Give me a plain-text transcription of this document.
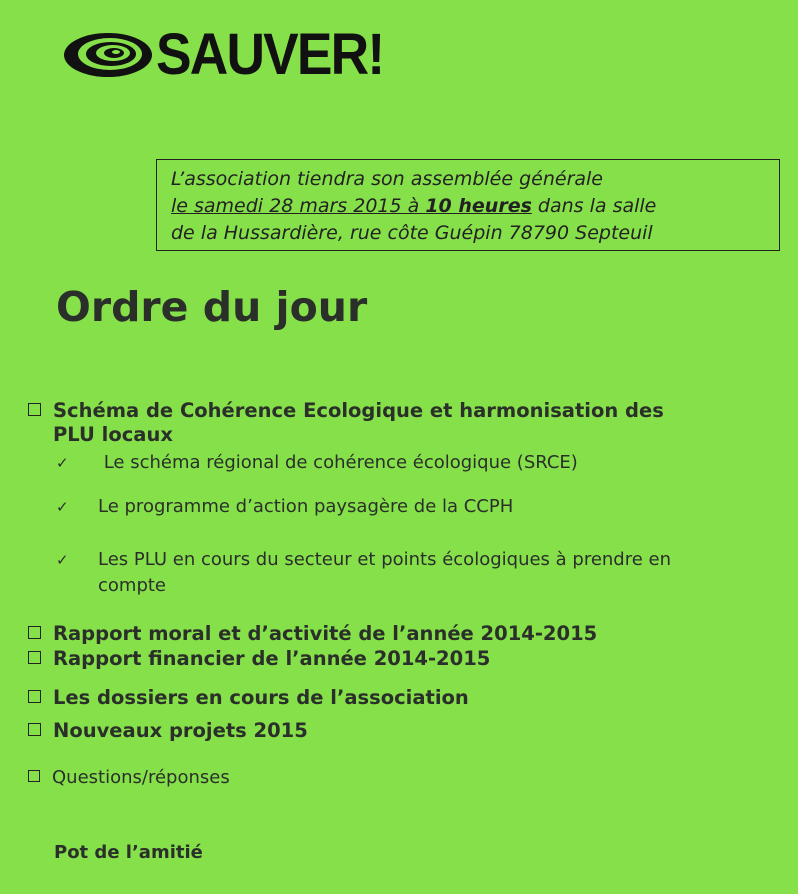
SAUVER!
L’association tiendra son assemblée générale
le samedi 28 mars 2015 à 10 heures dans la salle
de la Hussardière, rue côte Guépin 78790 Septeuil
Ordre du jour
Schéma de Cohérence Ecologique et harmonisation des
PLU locaux
✓ Le schéma régional de cohérence écologique (SRCE)
✓ Le programme d’action paysagère de la CCPH
✓ Les PLU en cours du secteur et points écologiques à prendre en
compte
Rapport moral et d’activité de l’année 2014-2015
Rapport financier de l’année 2014-2015
Les dossiers en cours de l’association
Nouveaux projets 2015
Questions/réponses
Pot de l’amitié
